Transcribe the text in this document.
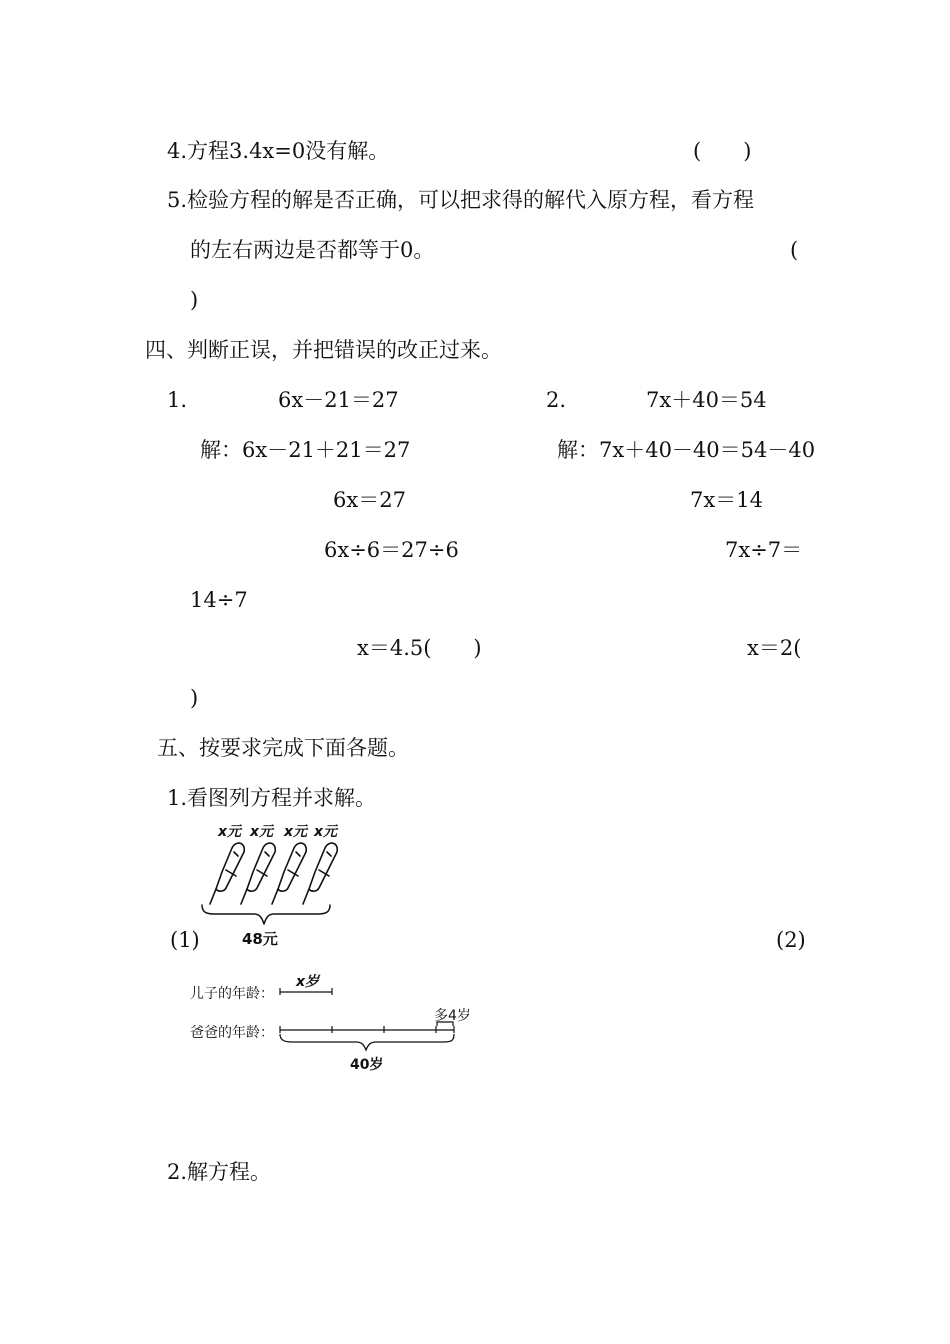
4.方程3.4x=0没有解。	(　　)
5.检验方程的解是否正确，可以把求得的解代入原方程，看方程
的左右两边是否都等于0。	(
)
四、判断正误，并把错误的改正过来。
1.	6x－21＝27	2.	7x＋40＝54
解：6x－21＋21＝27	解：7x＋40－40＝54－40
6x＝27	7x＝14
6x÷6＝27÷6	7x÷7＝
14÷7
x＝4.5(　　)	x＝2(
)
五、按要求完成下面各题。
1.看图列方程并求解。
x元 x元 x元 x元
(1)	48元	(2)
x岁
儿子的年龄：
多4岁
爸爸的年龄：
40岁
2.解方程。
